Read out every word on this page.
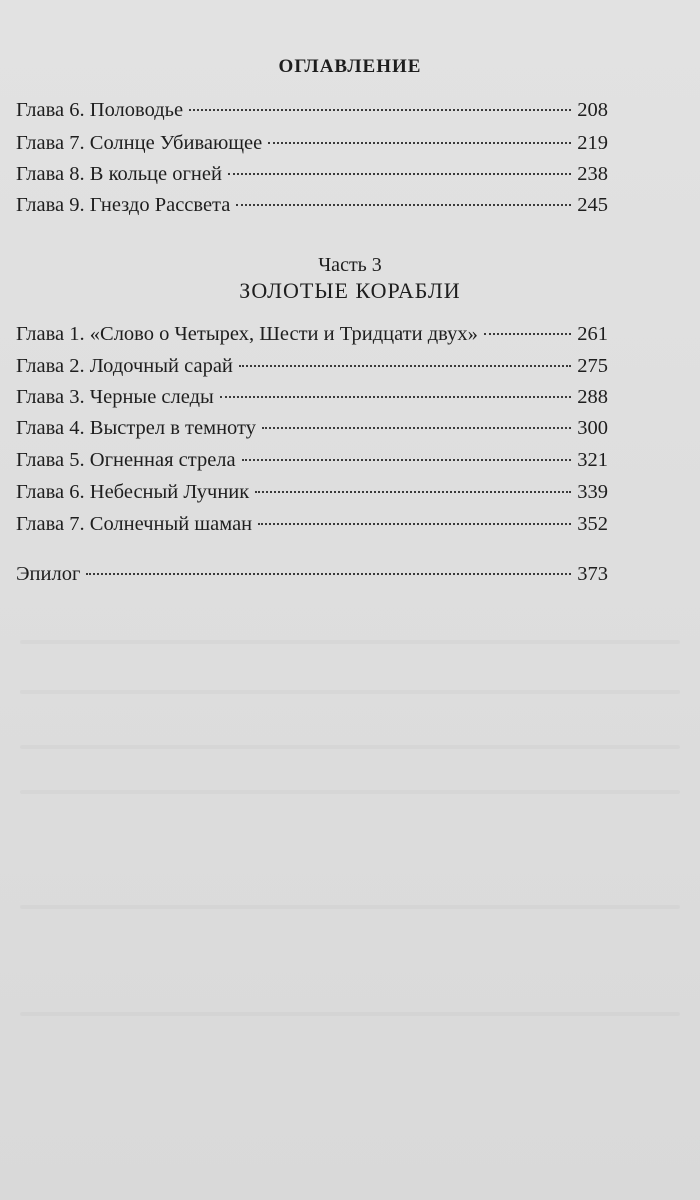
ОГЛАВЛЕНИЕ
Глава 6. Половодье	208
Глава 7. Солнце Убивающее	219
Глава 8. В кольце огней	238
Глава 9. Гнездо Рассвета	245
Часть 3
ЗОЛОТЫЕ КОРАБЛИ
Глава 1. «Слово о Четырех, Шести и Тридцати двух»	261
Глава 2. Лодочный сарай	275
Глава 3. Черные следы	288
Глава 4. Выстрел в темноту	300
Глава 5. Огненная стрела	321
Глава 6. Небесный Лучник	339
Глава 7. Солнечный шаман	352
Эпилог	373
